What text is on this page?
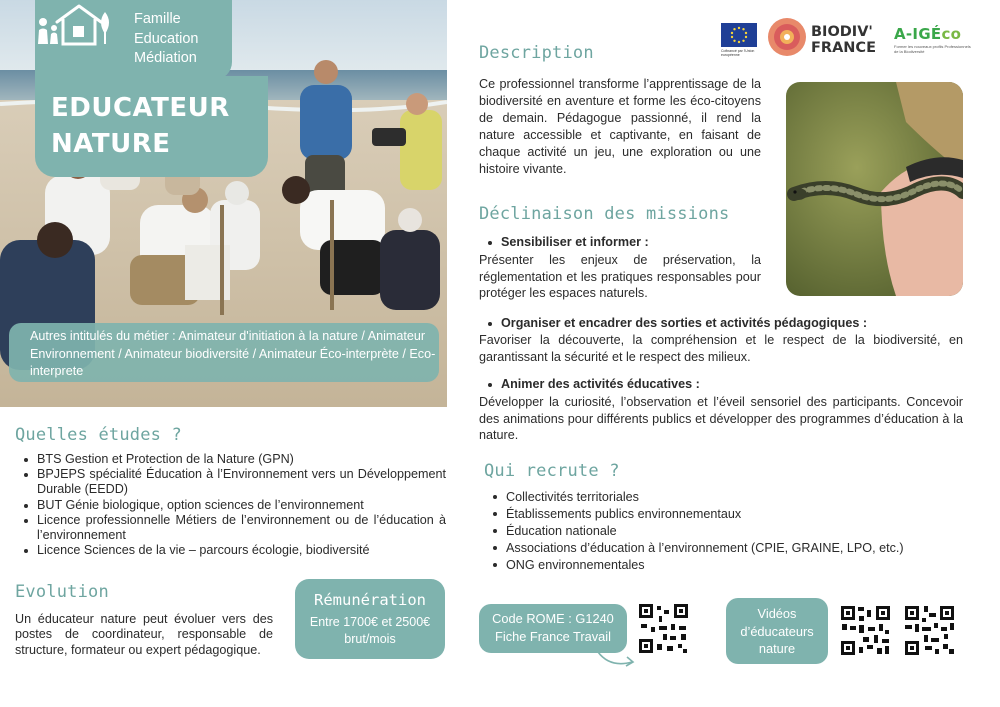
Famille
Education
Médiation
EDUCATEUR
NATURE
Autres intitulés du métier : Animateur d'initiation à la nature / Animateur Environnement / Animateur biodiversité / Animateur Éco-interprète / Eco-interprete
Cofinancé par l'Union européenne
BIODIV'
FRANCE
A-IGÉco
Former les nouveaux profils Professionnels de la Biodiversité
Description
Ce professionnel transforme l’apprentissage de la biodiversité en aventure et forme les éco-citoyens de demain. Pédagogue passionné, il rend la nature accessible et captivante, en faisant de chaque activité un jeu, une exploration ou une histoire vivante.
Déclinaison des missions
Sensibiliser et informer :
Présenter les enjeux de préservation, la réglementation et les pratiques responsables pour protéger les espaces naturels.
Organiser et encadrer des sorties et activités pédagogiques :
Favoriser la découverte, la compréhension et le respect de la biodiversité, en garantissant la sécurité et le respect des milieux.
Animer des activités éducatives :
Développer la curiosité, l’observation et l’éveil sensoriel des participants. Concevoir des animations pour différents publics et développer des programmes d’éducation à la nature.
Quelles études ?
BTS Gestion et Protection de la Nature (GPN)
BPJEPS spécialité Éducation à l’Environnement vers un Développement Durable (EEDD)
BUT Génie biologique, option sciences de l’environnement
Licence professionnelle Métiers de l’environnement ou de l’éducation à l’environnement
Licence Sciences de la vie – parcours écologie, biodiversité
Evolution
Un éducateur nature peut évoluer vers des postes de coordinateur, responsable de structure, formateur ou expert pédagogique.
Rémunération
Entre 1700€ et 2500€ brut/mois
Qui recrute ?
Collectivités territoriales
Établissements publics environnementaux
Éducation nationale
Associations d’éducation à l’environnement (CPIE, GRAINE, LPO, etc.)
ONG environnementales
Code ROME : G1240
Fiche France Travail
Vidéos
d’éducateurs
nature
